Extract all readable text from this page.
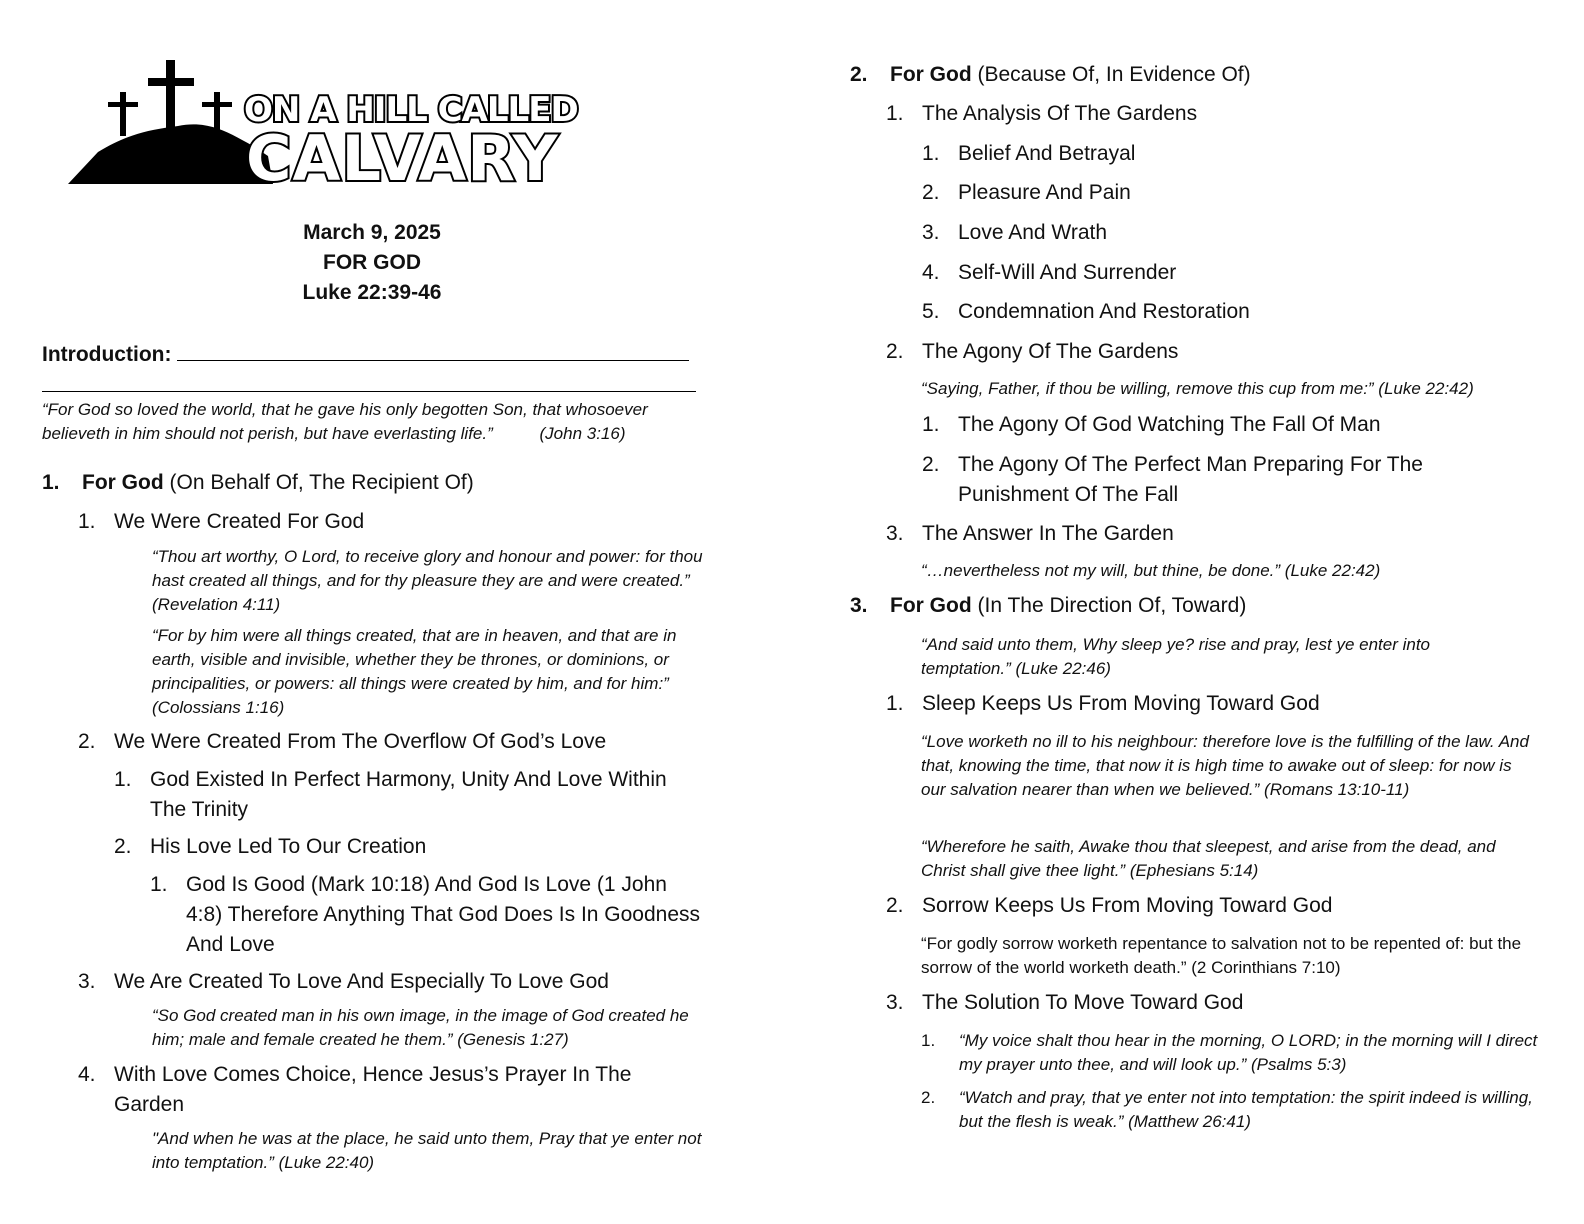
ON A HILL CALLED
CALVARY
March 9, 2025
FOR GOD
Luke 22:39-46
Introduction:
“For God so loved the world, that he gave his only begotten Son, that whosoever believeth in him should not perish, but have everlasting life.”	(John 3:16)
1. For God (On Behalf Of, The Recipient Of)
1. We Were Created For God
“Thou art worthy, O Lord, to receive glory and honour and power: for thou hast created all things, and for thy pleasure they are and were created.” (Revelation 4:11)
“For by him were all things created, that are in heaven, and that are in earth, visible and invisible, whether they be thrones, or dominions, or principalities, or powers: all things were created by him, and for him:” (Colossians 1:16)
2. We Were Created From The Overflow Of God’s Love
1. God Existed In Perfect Harmony, Unity And Love Within The Trinity
2. His Love Led To Our Creation
1. God Is Good (Mark 10:18) And God Is Love (1 John 4:8) Therefore Anything That God Does Is In Goodness And Love
3. We Are Created To Love And Especially To Love God
“So God created man in his own image, in the image of God created he him; male and female created he them.” (Genesis 1:27)
4. With Love Comes Choice, Hence Jesus’s Prayer In The Garden
"And when he was at the place, he said unto them, Pray that ye enter not into temptation.” (Luke 22:40)
2. For God (Because Of, In Evidence Of)
1. The Analysis Of The Gardens
1. Belief And Betrayal
2. Pleasure And Pain
3. Love And Wrath
4. Self-Will And Surrender
5. Condemnation And Restoration
2. The Agony Of The Gardens
“Saying, Father, if thou be willing, remove this cup from me:” (Luke 22:42)
1. The Agony Of God Watching The Fall Of Man
2. The Agony Of The Perfect Man Preparing For The Punishment Of The Fall
3. The Answer In The Garden
“…nevertheless not my will, but thine, be done.” (Luke 22:42)
3. For God (In The Direction Of, Toward)
“And said unto them, Why sleep ye? rise and pray, lest ye enter into temptation.” (Luke 22:46)
1. Sleep Keeps Us From Moving Toward God
“Love worketh no ill to his neighbour: therefore love is the fulfilling of the law. And that, knowing the time, that now it is high time to awake out of sleep: for now is our salvation nearer than when we believed.” (Romans 13:10-11)
“Wherefore he saith, Awake thou that sleepest, and arise from the dead, and Christ shall give thee light.” (Ephesians 5:14)
2. Sorrow Keeps Us From Moving Toward God
“For godly sorrow worketh repentance to salvation not to be repented of: but the sorrow of the world worketh death.” (2 Corinthians 7:10)
3. The Solution To Move Toward God
1.	“My voice shalt thou hear in the morning, O LORD; in the morning will I direct my prayer unto thee, and will look up.” (Psalms 5:3)
2.	“Watch and pray, that ye enter not into temptation: the spirit indeed is willing, but the flesh is weak.” (Matthew 26:41)
